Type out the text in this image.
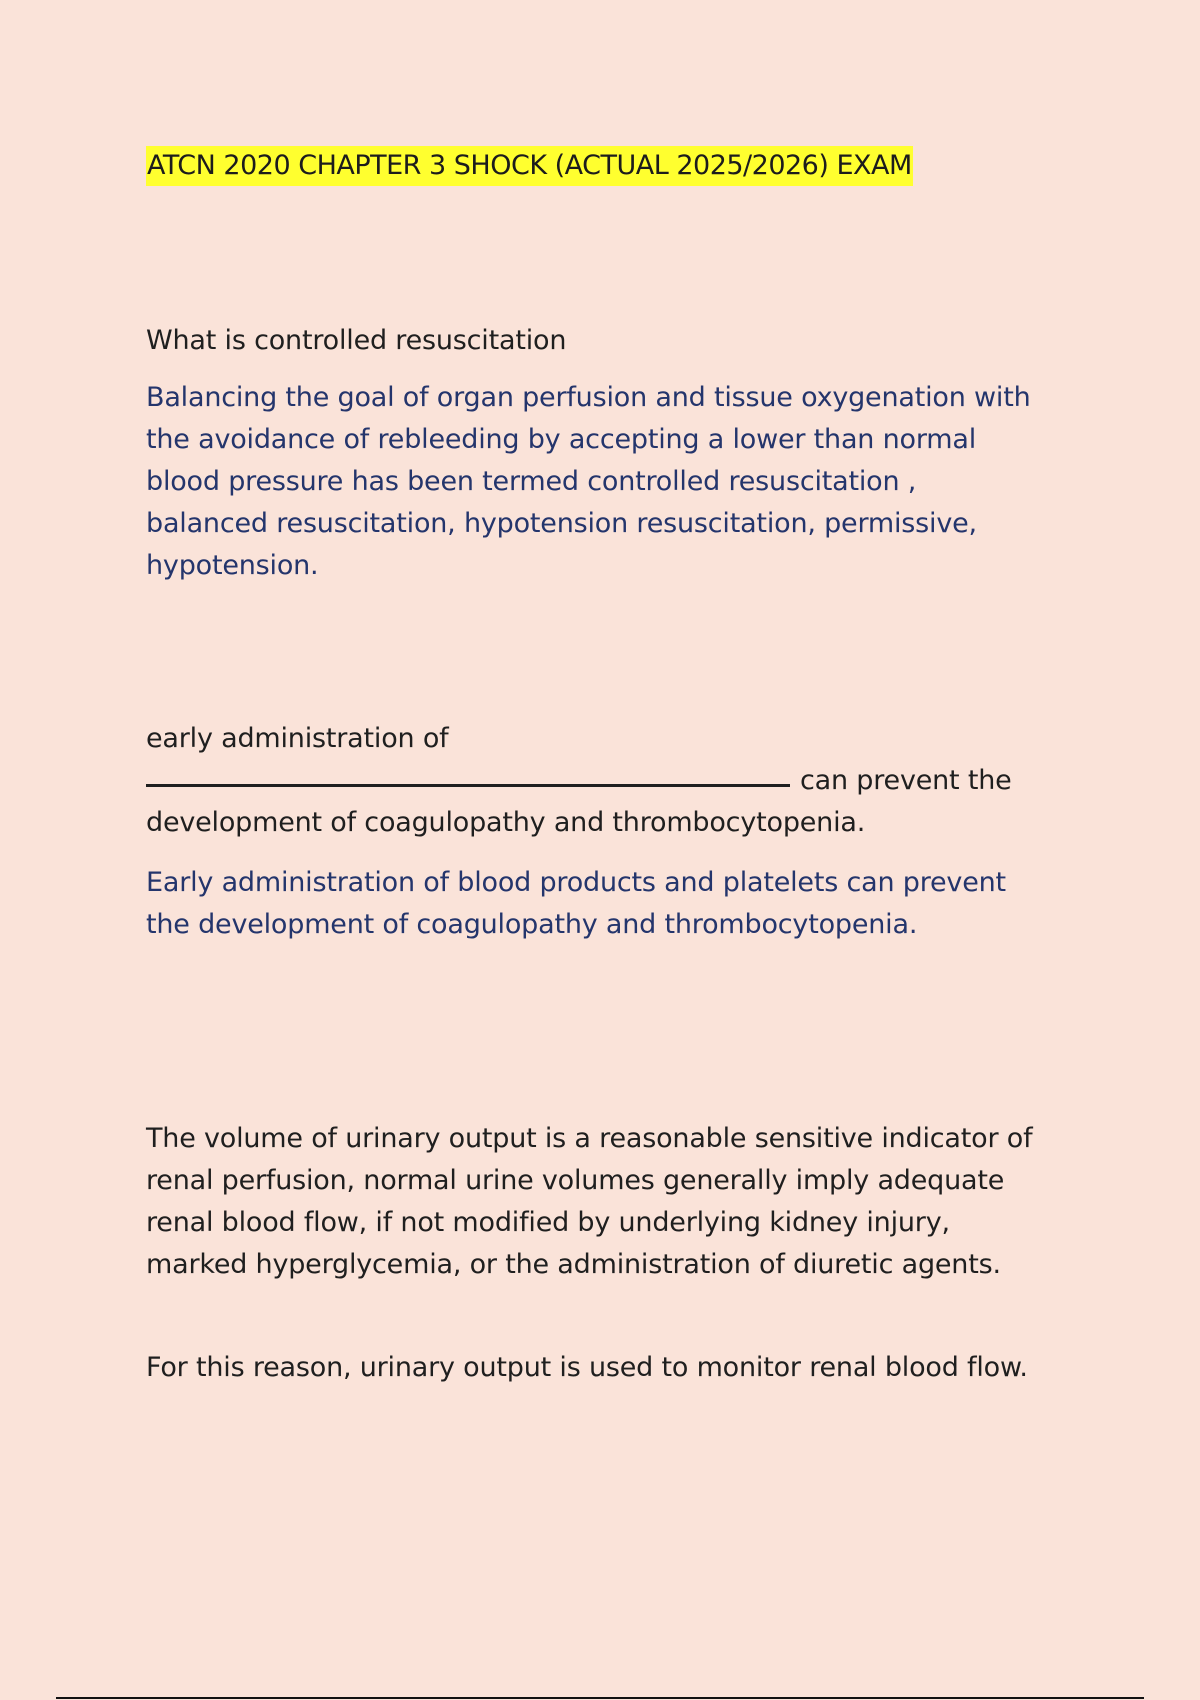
ATCN 2020 CHAPTER 3 SHOCK (ACTUAL 2025/2026) EXAM
What is controlled resuscitation
Balancing the goal of organ perfusion and tissue oxygenation with the avoidance of rebleeding by accepting a lower than normal blood pressure has been termed controlled resuscitation , balanced resuscitation, hypotension resuscitation, permissive, hypotension.
early administration of
can prevent the
development of coagulopathy and thrombocytopenia.
Early administration of blood products and platelets can prevent the development of coagulopathy and thrombocytopenia.
The volume of urinary output is a reasonable sensitive indicator of renal perfusion, normal urine volumes generally imply adequate renal blood flow, if not modified by underlying kidney injury, marked hyperglycemia, or the administration of diuretic agents.
For this reason, urinary output is used to monitor renal blood flow.
